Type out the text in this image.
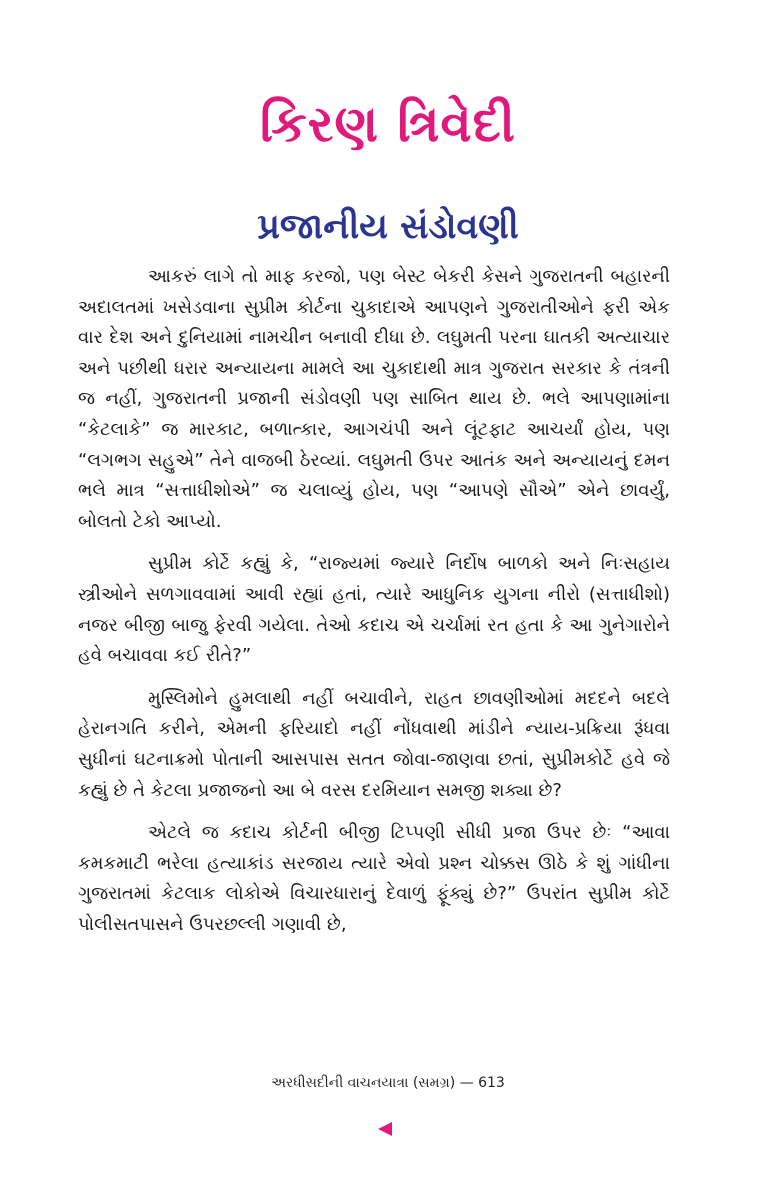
કિરણ ત્રિવેદી
પ્રજાનીય સંડોવણી

આકરું લાગે તો માફ કરજો, પણ બેસ્ટ બેકરી કેસને ગુજરાતની બહારની અદાલતમાં ખસેડવાના સુપ્રીમ કોર્ટના ચુકાદાએ આપણને ગુજરાતીઓને ફરી એક વાર દેશ અને દુનિયામાં નામચીન બનાવી દીધા છે. લઘુમતી પરના ઘાતકી અત્યાચાર અને પછીથી ધરાર અન્યાયના મામલે આ ચુકાદાથી માત્ર ગુજરાત સરકાર કે તંત્રની જ નહીં, ગુજરાતની પ્રજાની સંડોવણી પણ સાબિત થાય છે. ભલે આપણામાંના “કેટલાકે” જ મારકાટ, બળાત્કાર, આગચંપી અને લૂંટફાટ આચર્યાં હોય, પણ “લગભગ સહુએ” તેને વાજબી ઠેરવ્યાં. લઘુમતી ઉપર આતંક અને અન્યાયનું દમન ભલે માત્ર “સત્તાધીશોએ” જ ચલાવ્યું હોય, પણ “આપણે સૌએ” એને છાવર્યું, બોલતો ટેકો આપ્યો.

સુપ્રીમ કોર્ટે કહ્યું કે, “રાજ્યમાં જ્યારે નિર્દોષ બાળકો અને નિઃસહાય સ્ત્રીઓને સળગાવવામાં આવી રહ્યાં હતાં, ત્યારે આધુનિક યુગના નીરો (સત્તાધીશો) નજર બીજી બાજુ ફેરવી ગયેલા. તેઓ કદાચ એ ચર્ચામાં રત હતા કે આ ગુનેગારોને હવે બચાવવા કઈ રીતે?”

મુસ્લિમોને હુમલાથી નહીં બચાવીને, રાહત છાવણીઓમાં મદદને બદલે હેરાનગતિ કરીને, એમની ફરિયાદો નહીં નોંધવાથી માંડીને ન્યાય-પ્રક્રિયા રૂંધવા સુધીનાં ઘટનાક્રમો પોતાની આસપાસ સતત જોવા-જાણવા છતાં, સુપ્રીમકોર્ટે હવે જે કહ્યું છે તે કેટલા પ્રજાજનો આ બે વરસ દરમિયાન સમજી શક્યા છે?

એટલે જ કદાચ કોર્ટની બીજી ટિપ્પણી સીધી પ્રજા ઉપર છેઃ “આવા કમકમાટી ભરેલા હત્યાકાંડ સરજાય ત્યારે એવો પ્રશ્ન ચોક્કસ ઊઠે કે શું ગાંધીના ગુજરાતમાં કેટલાક લોકોએ વિચારધારાનું દેવાળું ફૂંક્યું છે?” ઉપરાંત સુપ્રીમ કોર્ટે પોલીસતપાસને ઉપરછલ્લી ગણાવી છે,

અરધીસદીની વાચનયાત્રા (સમગ્ર) — 613
